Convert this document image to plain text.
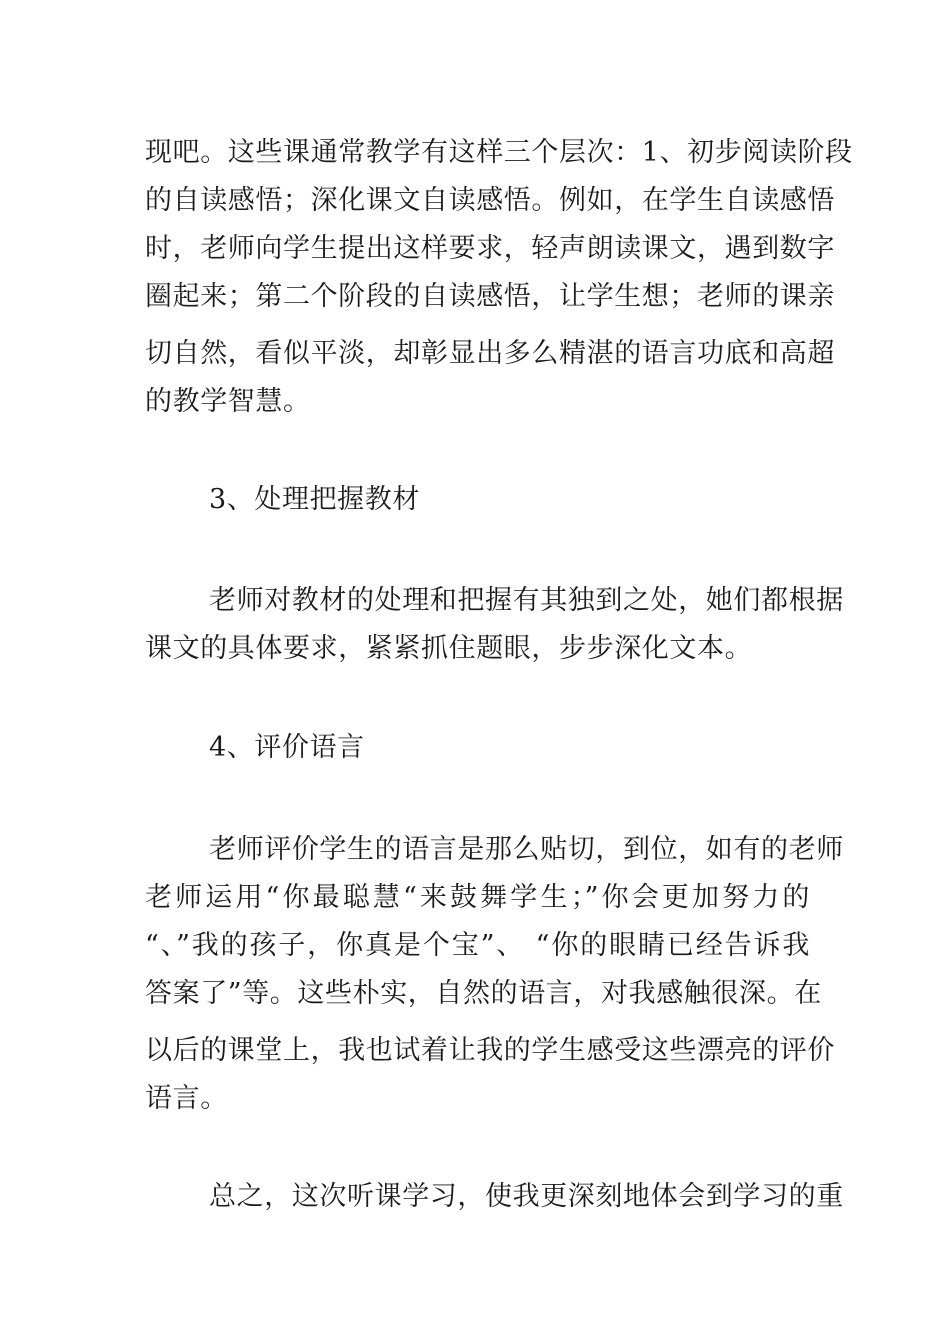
现吧。这些课通常教学有这样三个层次：1、初步阅读阶段
的自读感悟；深化课文自读感悟。例如，在学生自读感悟
时，老师向学生提出这样要求，轻声朗读课文，遇到数字
圈起来；第二个阶段的自读感悟，让学生想；老师的课亲
切自然，看似平淡，却彰显出多么精湛的语言功底和高超
的教学智慧。
3、处理把握教材
老师对教材的处理和把握有其独到之处，她们都根据
课文的具体要求，紧紧抓住题眼，步步深化文本。
4、评价语言
老师评价学生的语言是那么贴切，到位，如有的老师
老师运用“你最聪慧“来鼓舞学生；”你会更加努力的
“、”我的孩子，你真是个宝”、 “你的眼睛已经告诉我
答案了”等。这些朴实，自然的语言，对我感触很深。在
以后的课堂上，我也试着让我的学生感受这些漂亮的评价
语言。
总之，这次听课学习，使我更深刻地体会到学习的重
